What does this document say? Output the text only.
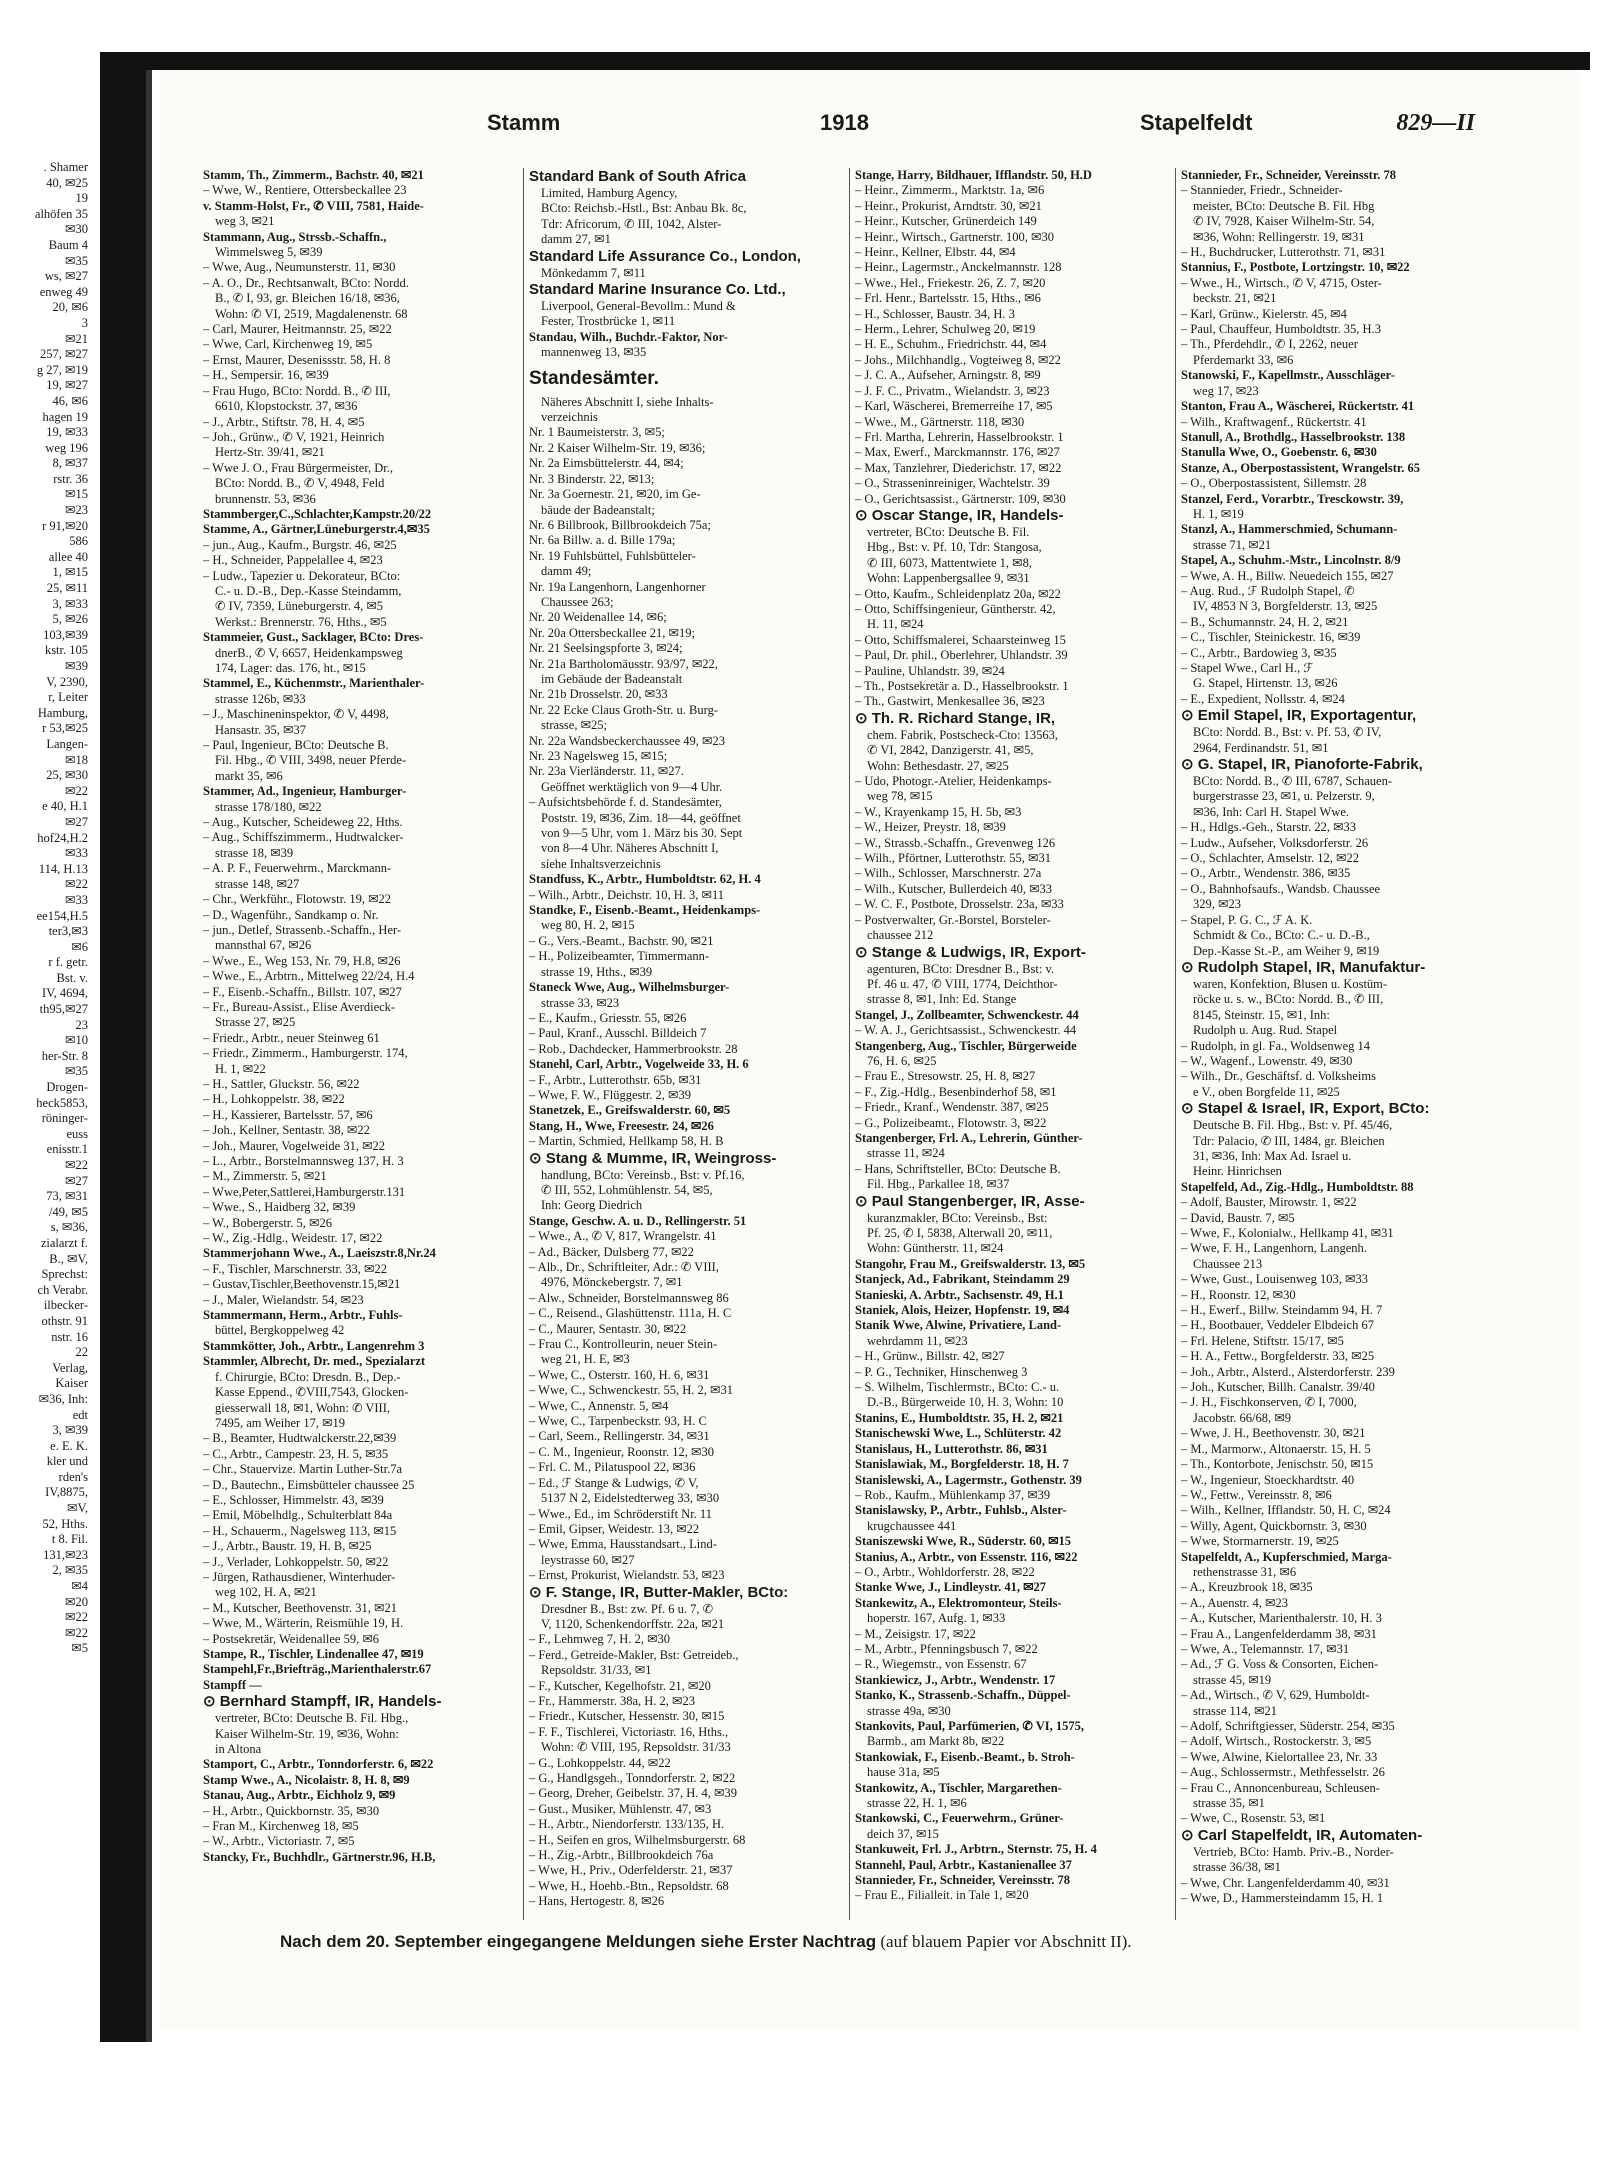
. Shamer
40, ✉25
19
alhöfen 35
✉30
Baum 4
✉35
ws, ✉27
enweg 49
20, ✉6
3
✉21
257, ✉27
g 27, ✉19
19, ✉27
46, ✉6
hagen 19
19, ✉33
weg 196
8, ✉37
rstr. 36
✉15
✉23
r 91,✉20
586
allee 40
1, ✉15
25, ✉11
3, ✉33
5, ✉26
103,✉39
kstr. 105
✉39
V, 2390,
r, Leiter
Hamburg,
r 53,✉25
Langen-
✉18
25, ✉30
✉22
e 40, H.1
✉27
hof24,H.2
✉33
114, H.13
✉22
✉33
ee154,H.5
ter3,✉3
✉6
r f. getr.
Bst. v.
IV, 4694,
th95,✉27
23
✉10
her-Str. 8
✉35
Drogen-
heck5853,
röninger-
euss
enisstr.1
✉22
✉27
73, ✉31
/49, ✉5
s, ✉36,
zialarzt f.
B., ✉V,
Sprechst:
ch Verabr.
ilbecker-
othstr. 91
nstr. 16
22
Verlag,
Kaiser
✉36, Inh:
edt
3, ✉39
e. E. K.
kler und
rden's
IV,8875,
✉V,
52, Hths.
t 8. Fil.
131,✉23
2, ✉35
✉4
✉20
✉22
✉22
✉5
Stamm	1918	Stapelfeldt	829—II
Stamm, Th., Zimmerm., Bachstr. 40, ✉21
– Wwe, W., Rentiere, Ottersbeckallee 23
v. Stamm-Holst, Fr., ✆ VIII, 7581, Haide-
weg 3, ✉21
Stammann, Aug., Strssb.-Schaffn.,
Wimmelsweg 5, ✉39
– Wwe, Aug., Neumunsterstr. 11, ✉30
– A. O., Dr., Rechtsanwalt, BCto: Nordd.
B., ✆ I, 93, gr. Bleichen 16/18, ✉36,
Wohn: ✆ VI, 2519, Magdalenenstr. 68
– Carl, Maurer, Heitmannstr. 25, ✉22
– Wwe, Carl, Kirchenweg 19, ✉5
– Ernst, Maurer, Desenissstr. 58, H. 8
– H., Sempersir. 16, ✉39
– Frau Hugo, BCto: Nordd. B., ✆ III,
6610, Klopstockstr. 37, ✉36
– J., Arbtr., Stiftstr. 78, H. 4, ✉5
– Joh., Grünw., ✆ V, 1921, Heinrich
Hertz-Str. 39/41, ✉21
– Wwe J. O., Frau Bürgermeister, Dr.,
BCto: Nordd. B., ✆ V, 4948, Feld
brunnenstr. 53, ✉36
Stammberger,C.,Schlachter,Kampstr.20/22
Stamme, A., Gärtner,Lüneburgerstr.4,✉35
– jun., Aug., Kaufm., Burgstr. 46, ✉25
– H., Schneider, Pappelallee 4, ✉23
– Ludw., Tapezier u. Dekorateur, BCto:
C.- u. D.-B., Dep.-Kasse Steindamm,
✆ IV, 7359, Lüneburgerstr. 4, ✉5
Werkst.: Brennerstr. 76, Hths., ✉5
Stammeier, Gust., Sacklager, BCto: Dres-
dnerB., ✆ V, 6657, Heidenkampsweg
174, Lager: das. 176, ht., ✉15
Stammel, E., Küchenmstr., Marienthaler-
strasse 126b, ✉33
– J., Maschineninspektor, ✆ V, 4498,
Hansastr. 35, ✉37
– Paul, Ingenieur, BCto: Deutsche B.
Fil. Hbg., ✆ VIII, 3498, neuer Pferde-
markt 35, ✉6
Stammer, Ad., Ingenieur, Hamburger-
strasse 178/180, ✉22
– Aug., Kutscher, Scheideweg 22, Hths.
– Aug., Schiffszimmerm., Hudtwalcker-
strasse 18, ✉39
– A. P. F., Feuerwehrm., Marckmann-
strasse 148, ✉27
– Chr., Werkführ., Flotowstr. 19, ✉22
– D., Wagenführ., Sandkamp o. Nr.
– jun., Detlef, Strassenb.-Schaffn., Her-
mannsthal 67, ✉26
– Wwe., E., Weg 153, Nr. 79, H.8, ✉26
– Wwe., E., Arbtrn., Mittelweg 22/24, H.4
– F., Eisenb.-Schaffn., Billstr. 107, ✉27
– Fr., Bureau-Assist., Elise Averdieck-
Strasse 27, ✉25
– Friedr., Arbtr., neuer Steinweg 61
– Friedr., Zimmerm., Hamburgerstr. 174,
H. 1, ✉22
– H., Sattler, Gluckstr. 56, ✉22
– H., Lohkoppelstr. 38, ✉22
– H., Kassierer, Bartelsstr. 57, ✉6
– Joh., Kellner, Sentastr. 38, ✉22
– Joh., Maurer, Vogelweide 31, ✉22
– L., Arbtr., Borstelmannsweg 137, H. 3
– M., Zimmerstr. 5, ✉21
– Wwe,Peter,Sattlerei,Hamburgerstr.131
– Wwe., S., Haidberg 32, ✉39
– W., Bobergerstr. 5, ✉26
– W., Zig.-Hdlg., Weidestr. 17, ✉22
Stammerjohann Wwe., A., Laeiszstr.8,Nr.24
– F., Tischler, Marschnerstr. 33, ✉22
– Gustav,Tischler,Beethovenstr.15,✉21
– J., Maler, Wielandstr. 54, ✉23
Stammermann, Herm., Arbtr., Fuhls-
büttel, Bergkoppelweg 42
Stammkötter, Joh., Arbtr., Langenrehm 3
Stammler, Albrecht, Dr. med., Spezialarzt
f. Chirurgie, BCto: Dresdn. B., Dep.-
Kasse Eppend., ✆VIII,7543, Glocken-
giesserwall 18, ✉1, Wohn: ✆ VIII,
7495, am Weiher 17, ✉19
– B., Beamter, Hudtwalckerstr.22,✉39
– C., Arbtr., Campestr. 23, H. 5, ✉35
– Chr., Stauervize. Martin Luther-Str.7a
– D., Bautechn., Eimsbütteler chaussee 25
– E., Schlosser, Himmelstr. 43, ✉39
– Emil, Möbelhdlg., Schulterblatt 84a
– H., Schauerm., Nagelsweg 113, ✉15
– J., Arbtr., Baustr. 19, H. B, ✉25
– J., Verlader, Lohkoppelstr. 50, ✉22
– Jürgen, Rathausdiener, Winterhuder-
weg 102, H. A, ✉21
– M., Kutscher, Beethovenstr. 31, ✉21
– Wwe, M., Wärterin, Reismühle 19, H.
– Postsekretär, Weidenallee 59, ✉6
Stampe, R., Tischler, Lindenallee 47, ✉19
Stampehl,Fr.,Briefträg.,Marienthalerstr.67
Stampff —
⊙ Bernhard Stampff, IR, Handels-
vertreter, BCto: Deutsche B. Fil. Hbg.,
Kaiser Wilhelm-Str. 19, ✉36, Wohn:
in Altona
Stamport, C., Arbtr., Tonndorferstr. 6, ✉22
Stamp Wwe., A., Nicolaistr. 8, H. 8, ✉9
Stanau, Aug., Arbtr., Eichholz 9, ✉9
– H., Arbtr., Quickbornstr. 35, ✉30
– Fran M., Kirchenweg 18, ✉5
– W., Arbtr., Victoriastr. 7, ✉5
Stancky, Fr., Buchhdlr., Gärtnerstr.96, H.B,
Standard Bank of South Africa
Limited, Hamburg Agency,
BCto: Reichsb.-Hstl., Bst: Anbau Bk. 8c,
Tdr: Africorum, ✆ III, 1042, Alster-
damm 27, ✉1
Standard Life Assurance Co., London,
Mönkedamm 7, ✉11
Standard Marine Insurance Co. Ltd.,
Liverpool, General-Bevollm.: Mund &
Fester, Trostbrücke 1, ✉11
Standau, Wilh., Buchdr.-Faktor, Nor-
mannenweg 13, ✉35
Standesämter.
Näheres Abschnitt I, siehe Inhalts-
verzeichnis
Nr. 1 Baumeisterstr. 3, ✉5;
Nr. 2 Kaiser Wilhelm-Str. 19, ✉36;
Nr. 2a Eimsbüttelerstr. 44, ✉4;
Nr. 3 Binderstr. 22, ✉13;
Nr. 3a Goernestr. 21, ✉20, im Ge-
bäude der Badeanstalt;
Nr. 6 Billbrook, Billbrookdeich 75a;
Nr. 6a Billw. a. d. Bille 179a;
Nr. 19 Fuhlsbüttel, Fuhlsbütteler-
damm 49;
Nr. 19a Langenhorn, Langenhorner
Chaussee 263;
Nr. 20 Weidenallee 14, ✉6;
Nr. 20a Ottersbeckallee 21, ✉19;
Nr. 21 Seelsingspforte 3, ✉24;
Nr. 21a Bartholomäusstr. 93/97, ✉22,
im Gebäude der Badeanstalt
Nr. 21b Drosselstr. 20, ✉33
Nr. 22 Ecke Claus Groth-Str. u. Burg-
strasse, ✉25;
Nr. 22a Wandsbeckerchaussee 49, ✉23
Nr. 23 Nagelsweg 15, ✉15;
Nr. 23a Vierländerstr. 11, ✉27.
Geöffnet werktäglich von 9—4 Uhr.
– Aufsichtsbehörde f. d. Standesämter,
Poststr. 19, ✉36, Zim. 18—44, geöffnet
von 9—5 Uhr, vom 1. März bis 30. Sept
von 8—4 Uhr. Näheres Abschnitt I,
siehe Inhaltsverzeichnis
Standfuss, K., Arbtr., Humboldtstr. 62, H. 4
– Wilh., Arbtr., Deichstr. 10, H. 3, ✉11
Standke, F., Eisenb.-Beamt., Heidenkamps-
weg 80, H. 2, ✉15
– G., Vers.-Beamt., Bachstr. 90, ✉21
– H., Polizeibeamter, Timmermann-
strasse 19, Hths., ✉39
Staneck Wwe, Aug., Wilhelmsburger-
strasse 33, ✉23
– E., Kaufm., Griesstr. 55, ✉26
– Paul, Kranf., Ausschl. Billdeich 7
– Rob., Dachdecker, Hammerbrookstr. 28
Stanehl, Carl, Arbtr., Vogelweide 33, H. 6
– F., Arbtr., Lutterothstr. 65b, ✉31
– Wwe, F. W., Flüggestr. 2, ✉39
Stanetzek, E., Greifswalderstr. 60, ✉5
Stang, H., Wwe, Freesestr. 24, ✉26
– Martin, Schmied, Hellkamp 58, H. B
⊙ Stang & Mumme, IR, Weingross-
handlung, BCto: Vereinsb., Bst: v. Pf.16,
✆ III, 552, Lohmühlenstr. 54, ✉5,
Inh: Georg Diedrich
Stange, Geschw. A. u. D., Rellingerstr. 51
– Wwe., A., ✆ V, 817, Wrangelstr. 41
– Ad., Bäcker, Dulsberg 77, ✉22
– Alb., Dr., Schriftleiter, Adr.: ✆ VIII,
4976, Mönckebergstr. 7, ✉1
– Alw., Schneider, Borstelmannsweg 86
– C., Reisend., Glashüttenstr. 111a, H. C
– C., Maurer, Sentastr. 30, ✉22
– Frau C., Kontrolleurin, neuer Stein-
weg 21, H. E, ✉3
– Wwe, C., Osterstr. 160, H. 6, ✉31
– Wwe, C., Schwenckestr. 55, H. 2, ✉31
– Wwe, C., Annenstr. 5, ✉4
– Wwe, C., Tarpenbeckstr. 93, H. C
– Carl, Seem., Rellingerstr. 34, ✉31
– C. M., Ingenieur, Roonstr. 12, ✉30
– Frl. C. M., Pilatuspool 22, ✉36
– Ed., ℱ Stange & Ludwigs, ✆ V,
5137 N 2, Eidelstedterweg 33, ✉30
– Wwe., Ed., im Schröderstift Nr. 11
– Emil, Gipser, Weidestr. 13, ✉22
– Wwe, Emma, Hausstandsart., Lind-
leystrasse 60, ✉27
– Ernst, Prokurist, Wielandstr. 53, ✉23
⊙ F. Stange, IR, Butter-Makler, BCto:
Dresdner B., Bst: zw. Pf. 6 u. 7, ✆
V, 1120, Schenkendorffstr. 22a, ✉21
– F., Lehmweg 7, H. 2, ✉30
– Ferd., Getreide-Makler, Bst: Getreideb.,
Repsoldstr. 31/33, ✉1
– F., Kutscher, Kegelhofstr. 21, ✉20
– Fr., Hammerstr. 38a, H. 2, ✉23
– Friedr., Kutscher, Hessenstr. 30, ✉15
– F. F., Tischlerei, Victoriastr. 16, Hths.,
Wohn: ✆ VIII, 195, Repsoldstr. 31/33
– G., Lohkoppelstr. 44, ✉22
– G., Handlgsgeh., Tonndorferstr. 2, ✉22
– Georg, Dreher, Geibelstr. 37, H. 4, ✉39
– Gust., Musiker, Mühlenstr. 47, ✉3
– H., Arbtr., Niendorferstr. 133/135, H.
– H., Seifen en gros, Wilhelmsburgerstr. 68
– H., Zig.-Arbtr., Billbrookdeich 76a
– Wwe, H., Priv., Oderfelderstr. 21, ✉37
– Wwe, H., Hoehb.-Btn., Repsoldstr. 68
– Hans, Hertogestr. 8, ✉26
Stange, Harry, Bildhauer, Ifflandstr. 50, H.D
– Heinr., Zimmerm., Marktstr. 1a, ✉6
– Heinr., Prokurist, Arndtstr. 30, ✉21
– Heinr., Kutscher, Grünerdeich 149
– Heinr., Wirtsch., Gartnerstr. 100, ✉30
– Heinr., Kellner, Elbstr. 44, ✉4
– Heinr., Lagermstr., Anckelmannstr. 128
– Wwe., Hel., Friekestr. 26, Z. 7, ✉20
– Frl. Henr., Bartelsstr. 15, Hths., ✉6
– H., Schlosser, Baustr. 34, H. 3
– Herm., Lehrer, Schulweg 20, ✉19
– H. E., Schuhm., Friedrichstr. 44, ✉4
– Johs., Milchhandlg., Vogteiweg 8, ✉22
– J. C. A., Aufseher, Arningstr. 8, ✉9
– J. F. C., Privatm., Wielandstr. 3, ✉23
– Karl, Wäscherei, Bremerreihe 17, ✉5
– Wwe., M., Gärtnerstr. 118, ✉30
– Frl. Martha, Lehrerin, Hasselbrookstr. 1
– Max, Ewerf., Marckmannstr. 176, ✉27
– Max, Tanzlehrer, Diederichstr. 17, ✉22
– O., Strasseninreiniger, Wachtelstr. 39
– O., Gerichtsassist., Gärtnerstr. 109, ✉30
⊙ Oscar Stange, IR, Handels-
vertreter, BCto: Deutsche B. Fil.
Hbg., Bst: v. Pf. 10, Tdr: Stangosa,
✆ III, 6073, Mattentwiete 1, ✉8,
Wohn: Lappenbergsallee 9, ✉31
– Otto, Kaufm., Schleidenplatz 20a, ✉22
– Otto, Schiffsingenieur, Güntherstr. 42,
H. 11, ✉24
– Otto, Schiffsmalerei, Schaarsteinweg 15
– Paul, Dr. phil., Oberlehrer, Uhlandstr. 39
– Pauline, Uhlandstr. 39, ✉24
– Th., Postsekretär a. D., Hasselbrookstr. 1
– Th., Gastwirt, Menkesallee 36, ✉23
⊙ Th. R. Richard Stange, IR,
chem. Fabrik, Postscheck-Cto: 13563,
✆ VI, 2842, Danzigerstr. 41, ✉5,
Wohn: Bethesdastr. 27, ✉25
– Udo, Photogr.-Atelier, Heidenkamps-
weg 78, ✉15
– W., Krayenkamp 15, H. 5b, ✉3
– W., Heizer, Preystr. 18, ✉39
– W., Strassb.-Schaffn., Grevenweg 126
– Wilh., Pförtner, Lutterothstr. 55, ✉31
– Wilh., Schlosser, Marschnerstr. 27a
– Wilh., Kutscher, Bullerdeich 40, ✉33
– W. C. F., Postbote, Drosselstr. 23a, ✉33
– Postverwalter, Gr.-Borstel, Borsteler-
chaussee 212
⊙ Stange & Ludwigs, IR, Export-
agenturen, BCto: Dresdner B., Bst: v.
Pf. 46 u. 47, ✆ VIII, 1774, Deichthor-
strasse 8, ✉1, Inh: Ed. Stange
Stangel, J., Zollbeamter, Schwenckestr. 44
– W. A. J., Gerichtsassist., Schwenckestr. 44
Stangenberg, Aug., Tischler, Bürgerweide
76, H. 6, ✉25
– Frau E., Stresowstr. 25, H. 8, ✉27
– F., Zig.-Hdlg., Besenbinderhof 58, ✉1
– Friedr., Kranf., Wendenstr. 387, ✉25
– G., Polizeibeamt., Flotowstr. 3, ✉22
Stangenberger, Frl. A., Lehrerin, Günther-
strasse 11, ✉24
– Hans, Schriftsteller, BCto: Deutsche B.
Fil. Hbg., Parkallee 18, ✉37
⊙ Paul Stangenberger, IR, Asse-
kuranzmakler, BCto: Vereinsb., Bst:
Pf. 25, ✆ I, 5838, Alterwall 20, ✉11,
Wohn: Güntherstr. 11, ✉24
Stangohr, Frau M., Greifswalderstr. 13, ✉5
Stanjeck, Ad., Fabrikant, Steindamm 29
Stanieski, A. Arbtr., Sachsenstr. 49, H.1
Staniek, Alois, Heizer, Hopfenstr. 19, ✉4
Stanik Wwe, Alwine, Privatiere, Land-
wehrdamm 11, ✉23
– H., Grünw., Billstr. 42, ✉27
– P. G., Techniker, Hinschenweg 3
– S. Wilhelm, Tischlermstr., BCto: C.- u.
D.-B., Bürgerweide 10, H. 3, Wohn: 10
Stanins, E., Humboldtstr. 35, H. 2, ✉21
Stanischewski Wwe, L., Schlüterstr. 42
Stanislaus, H., Lutterothstr. 86, ✉31
Stanislawiak, M., Borgfelderstr. 18, H. 7
Stanislewski, A., Lagermstr., Gothenstr. 39
– Rob., Kaufm., Mühlenkamp 37, ✉39
Stanislawsky, P., Arbtr., Fuhlsb., Alster-
krugchaussee 441
Staniszewski Wwe, R., Süderstr. 60, ✉15
Stanius, A., Arbtr., von Essenstr. 116, ✉22
– O., Arbtr., Wohldorferstr. 28, ✉22
Stanke Wwe, J., Lindleystr. 41, ✉27
Stankewitz, A., Elektromonteur, Steils-
hoperstr. 167, Aufg. 1, ✉33
– M., Zeisigstr. 17, ✉22
– M., Arbtr., Pfenningsbusch 7, ✉22
– R., Wiegemstr., von Essenstr. 67
Stankiewicz, J., Arbtr., Wendenstr. 17
Stanko, K., Strassenb.-Schaffn., Düppel-
strasse 49a, ✉30
Stankovits, Paul, Parfümerien, ✆ VI, 1575,
Barmb., am Markt 8b, ✉22
Stankowiak, F., Eisenb.-Beamt., b. Stroh-
hause 31a, ✉5
Stankowitz, A., Tischler, Margarethen-
strasse 22, H. 1, ✉6
Stankowski, C., Feuerwehrm., Grüner-
deich 37, ✉15
Stankuweit, Frl. J., Arbtrn., Sternstr. 75, H. 4
Stannehl, Paul, Arbtr., Kastanienallee 37
Stannieder, Fr., Schneider, Vereinsstr. 78
– Frau E., Filialleit. in Tale 1, ✉20
Stannieder, Fr., Schneider, Vereinsstr. 78
– Stannieder, Friedr., Schneider-
meister, BCto: Deutsche B. Fil. Hbg
✆ IV, 7928, Kaiser Wilhelm-Str. 54,
✉36, Wohn: Rellingerstr. 19, ✉31
– H., Buchdrucker, Lutterothstr. 71, ✉31
Stannius, F., Postbote, Lortzingstr. 10, ✉22
– Wwe., H., Wirtsch., ✆ V, 4715, Oster-
beckstr. 21, ✉21
– Karl, Grünw., Kielerstr. 45, ✉4
– Paul, Chauffeur, Humboldtstr. 35, H.3
– Th., Pferdehdlr., ✆ I, 2262, neuer
Pferdemarkt 33, ✉6
Stanowski, F., Kapellmstr., Ausschläger-
weg 17, ✉23
Stanton, Frau A., Wäscherei, Rückertstr. 41
– Wilh., Kraftwagenf., Rückertstr. 41
Stanull, A., Brothdlg., Hasselbrookstr. 138
Stanulla Wwe, O., Goebenstr. 6, ✉30
Stanze, A., Oberpostassistent, Wrangelstr. 65
– O., Oberpostassistent, Sillemstr. 28
Stanzel, Ferd., Vorarbtr., Tresckowstr. 39,
H. 1, ✉19
Stanzl, A., Hammerschmied, Schumann-
strasse 71, ✉21
Stapel, A., Schuhm.-Mstr., Lincolnstr. 8/9
– Wwe, A. H., Billw. Neuedeich 155, ✉27
– Aug. Rud., ℱ Rudolph Stapel, ✆
IV, 4853 N 3, Borgfelderstr. 13, ✉25
– B., Schumannstr. 24, H. 2, ✉21
– C., Tischler, Steinickestr. 16, ✉39
– C., Arbtr., Bardowieg 3, ✉35
– Stapel Wwe., Carl H., ℱ
G. Stapel, Hirtenstr. 13, ✉26
– E., Expedient, Nollsstr. 4, ✉24
⊙ Emil Stapel, IR, Exportagentur,
BCto: Nordd. B., Bst: v. Pf. 53, ✆ IV,
2964, Ferdinandstr. 51, ✉1
⊙ G. Stapel, IR, Pianoforte-Fabrik,
BCto: Nordd. B., ✆ III, 6787, Schauen-
burgerstrasse 23, ✉1, u. Pelzerstr. 9,
✉36, Inh: Carl H. Stapel Wwe.
– H., Hdlgs.-Geh., Starstr. 22, ✉33
– Ludw., Aufseher, Volksdorferstr. 26
– O., Schlachter, Amselstr. 12, ✉22
– O., Arbtr., Wendenstr. 386, ✉35
– O., Bahnhofsaufs., Wandsb. Chaussee
329, ✉23
– Stapel, P. G. C., ℱ A. K.
Schmidt & Co., BCto: C.- u. D.-B.,
Dep.-Kasse St.-P., am Weiher 9, ✉19
⊙ Rudolph Stapel, IR, Manufaktur-
waren, Konfektion, Blusen u. Kostüm-
röcke u. s. w., BCto: Nordd. B., ✆ III,
8145, Steinstr. 15, ✉1, Inh:
Rudolph u. Aug. Rud. Stapel
– Rudolph, in gl. Fa., Woldsenweg 14
– W., Wagenf., Lowenstr. 49, ✉30
– Wilh., Dr., Geschäftsf. d. Volksheims
e V., oben Borgfelde 11, ✉25
⊙ Stapel & Israel, IR, Export, BCto:
Deutsche B. Fil. Hbg., Bst: v. Pf. 45/46,
Tdr: Palacio, ✆ III, 1484, gr. Bleichen
31, ✉36, Inh: Max Ad. Israel u.
Heinr. Hinrichsen
Stapelfeld, Ad., Zig.-Hdlg., Humboldtstr. 88
– Adolf, Bauster, Mirowstr. 1, ✉22
– David, Baustr. 7, ✉5
– Wwe, F., Kolonialw., Hellkamp 41, ✉31
– Wwe, F. H., Langenhorn, Langenh.
Chaussee 213
– Wwe, Gust., Louisenweg 103, ✉33
– H., Roonstr. 12, ✉30
– H., Ewerf., Billw. Steindamm 94, H. 7
– H., Bootbauer, Veddeler Elbdeich 67
– Frl. Helene, Stiftstr. 15/17, ✉5
– H. A., Fettw., Borgfelderstr. 33, ✉25
– Joh., Arbtr., Alsterd., Alsterdorferstr. 239
– Joh., Kutscher, Billh. Canalstr. 39/40
– J. H., Fischkonserven, ✆ I, 7000,
Jacobstr. 66/68, ✉9
– Wwe, J. H., Beethovenstr. 30, ✉21
– M., Marmorw., Altonaerstr. 15, H. 5
– Th., Kontorbote, Jenischstr. 50, ✉15
– W., Ingenieur, Stoeckhardtstr. 40
– W., Fettw., Vereinsstr. 8, ✉6
– Wilh., Kellner, Ifflandstr. 50, H. C, ✉24
– Willy, Agent, Quickbornstr. 3, ✉30
– Wwe, Stormarnerstr. 19, ✉25
Stapelfeldt, A., Kupferschmied, Marga-
rethenstrasse 31, ✉6
– A., Kreuzbrook 18, ✉35
– A., Auenstr. 4, ✉23
– A., Kutscher, Marienthalerstr. 10, H. 3
– Frau A., Langenfelderdamm 38, ✉31
– Wwe, A., Telemannstr. 17, ✉31
– Ad., ℱ G. Voss & Consorten, Eichen-
strasse 45, ✉19
– Ad., Wirtsch., ✆ V, 629, Humboldt-
strasse 114, ✉21
– Adolf, Schriftgiesser, Süderstr. 254, ✉35
– Adolf, Wirtsch., Rostockerstr. 3, ✉5
– Wwe, Alwine, Kielortallee 23, Nr. 33
– Aug., Schlossermstr., Methfesselstr. 26
– Frau C., Annoncenbureau, Schleusen-
strasse 35, ✉1
– Wwe, C., Rosenstr. 53, ✉1
⊙ Carl Stapelfeldt, IR, Automaten-
Vertrieb, BCto: Hamb. Priv.-B., Norder-
strasse 36/38, ✉1
– Wwe, Chr. Langenfelderdamm 40, ✉31
– Wwe, D., Hammersteindamm 15, H. 1
Nach dem 20. September eingegangene Meldungen siehe Erster Nachtrag (auf blauem Papier vor Abschnitt II).
